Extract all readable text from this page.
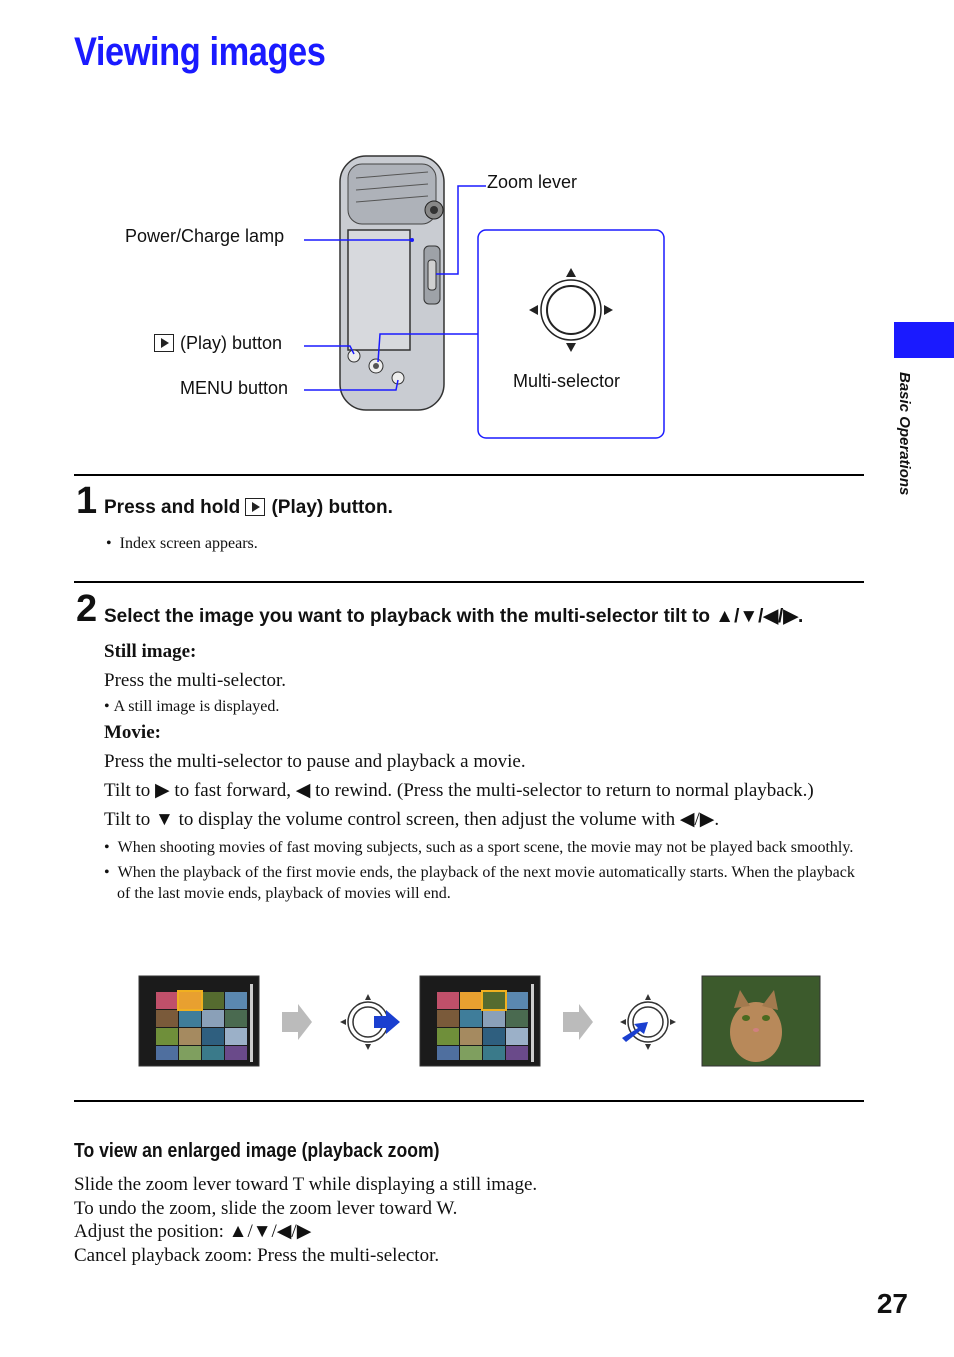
Viewing images
Basic Operations
Zoom lever
Power/Charge lamp
(Play) button
MENU button	Multi-selector
1 Press and hold (Play) button.
•  Index screen appears.
2 Select the image you want to playback with the multi-selector tilt to ▲/▼/◀/▶.
Still image:
Press the multi-selector.
• A still image is displayed.
Movie:
Press the multi-selector to pause and playback a movie.
Tilt to ▶ to fast forward, ◀ to rewind. (Press the multi-selector to return to normal playback.)
Tilt to ▼ to display the volume control screen, then adjust the volume with ◀/▶.
•  When shooting movies of fast moving subjects, such as a sport scene, the movie may not be played back smoothly.
•  When the playback of the first movie ends, the playback of the next movie automatically starts. When the playback of the last movie ends, playback of movies will end.
To view an enlarged image (playback zoom)
Slide the zoom lever toward T while displaying a still image.
To undo the zoom, slide the zoom lever toward W.
Adjust the position: ▲/▼/◀/▶
Cancel playback zoom: Press the multi-selector.
27
